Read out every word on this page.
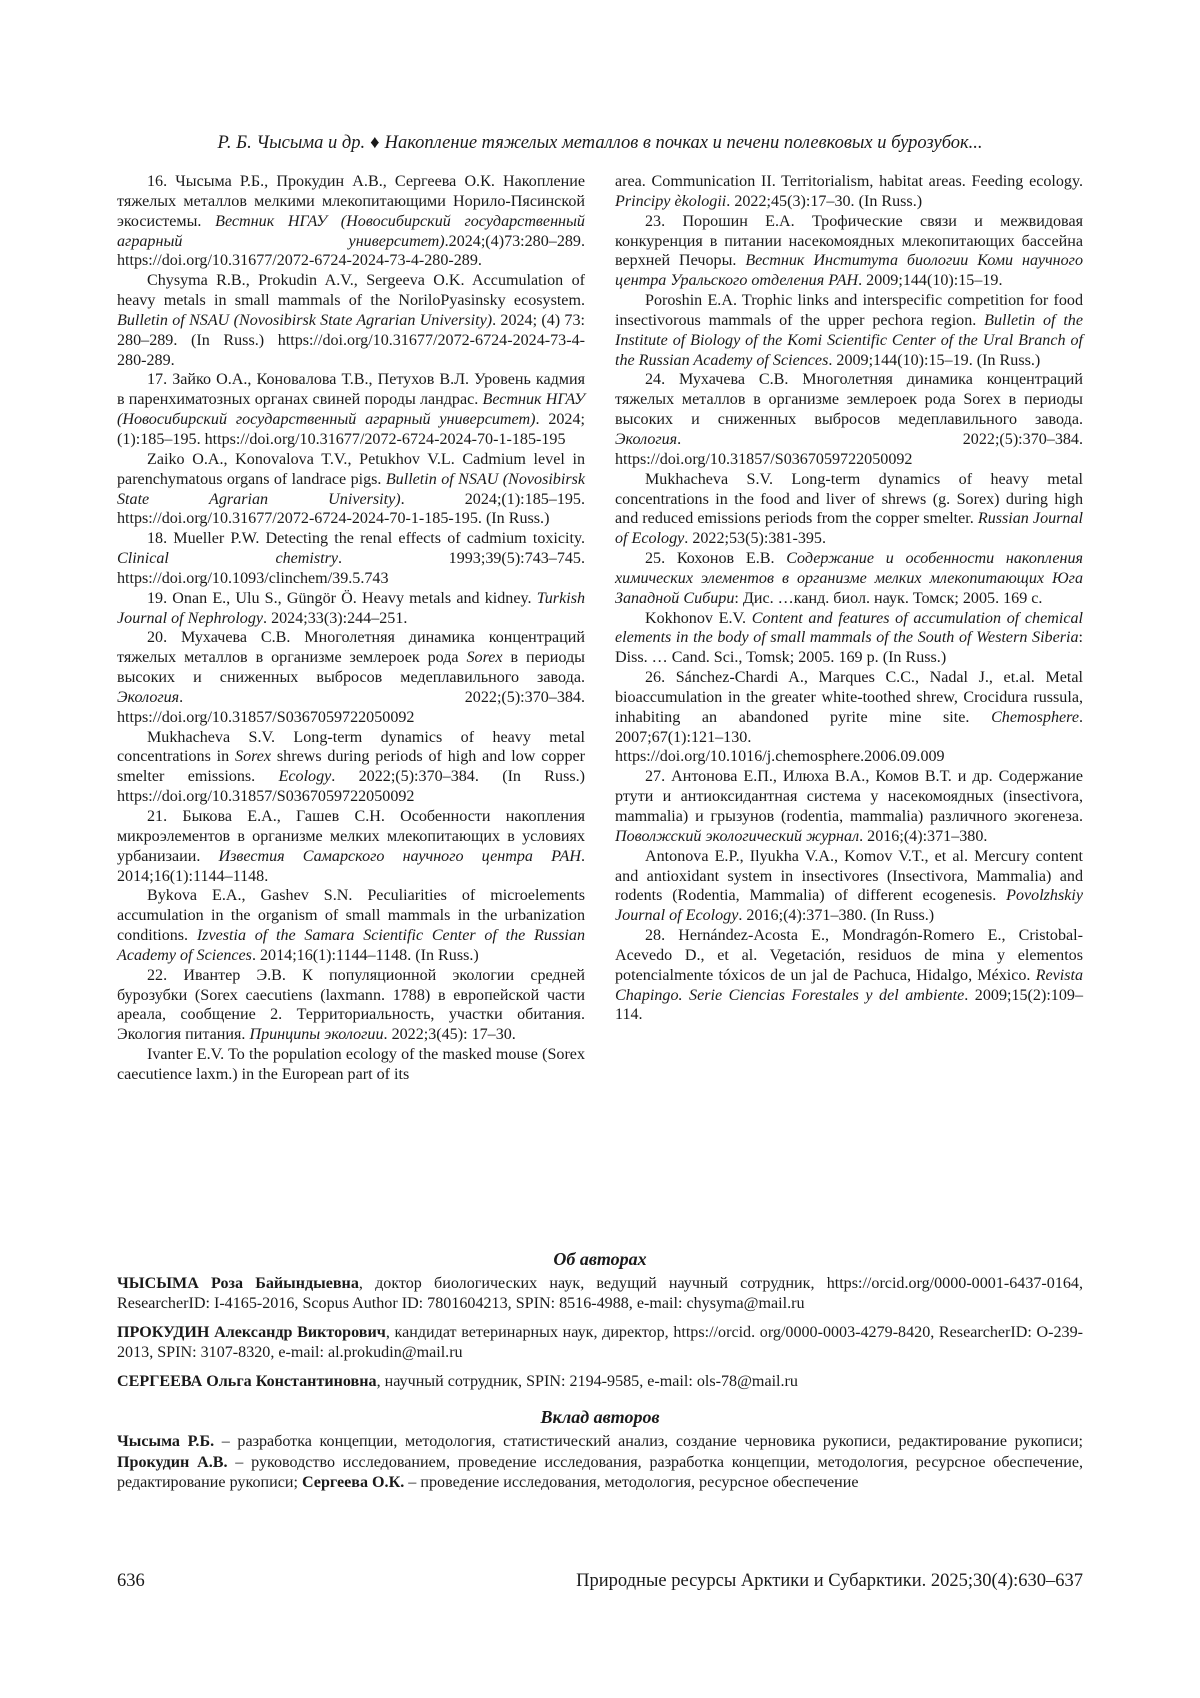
Р. Б. Чысыма и др. ♦ Накопление тяжелых металлов в почках и печени полевковых и бурозубок...

16. Чысыма Р.Б., Прокудин А.В., Сергеева О.К. Накопление тяжелых металлов мелкими млекопитающими Норило-Пясинской экосистемы. Вестник НГАУ (Новосибирский государственный аграрный университет).2024;(4)73:280–289. https://doi.org/10.31677/2072-6724-2024-73-4-280-289.

Chysyma R.B., Prokudin A.V., Sergeeva O.K. Accumulation of heavy metals in small mammals of the NoriloPyasinsky ecosystem. Bulletin of NSAU (Novosibirsk State Agrarian University). 2024; (4) 73: 280–289. (In Russ.) https://doi.org/10.31677/2072-6724-2024-73-4-280-289.

17. Зайко О.А., Коновалова Т.В., Петухов В.Л. Уровень кадмия в паренхиматозных органах свиней породы ландрас. Вестник НГАУ (Новосибирский государственный аграрный университет). 2024;(1):185–195. https://doi.org/10.31677/2072-6724-2024-70-1-185-195

Zaiko O.A., Konovalova T.V., Petukhov V.L. Cadmium level in parenchymatous organs of landrace pigs. Bulletin of NSAU (Novosibirsk State Agrarian University). 2024;(1):185–195. https://doi.org/10.31677/2072-6724-2024-70-1-185-195. (In Russ.)

18. Mueller P.W. Detecting the renal effects of cadmium toxicity. Clinical chemistry. 1993;39(5):743–745. https://doi.org/10.1093/clinchem/39.5.743

19. Onan E., Ulu S., Güngör Ö. Heavy metals and kidney. Turkish Journal of Nephrology. 2024;33(3):244–251.

20. Мухачева С.В. Многолетняя динамика концентраций тяжелых металлов в организме землероек рода Sorex в периоды высоких и сниженных выбросов медеплавильного завода. Экология. 2022;(5):370–384. https://doi.org/10.31857/S0367059722050092

Mukhacheva S.V. Long-term dynamics of heavy metal concentrations in Sorex shrews during periods of high and low copper smelter emissions. Ecology. 2022;(5):370–384. (In Russ.) https://doi.org/10.31857/S0367059722050092

21. Быкова Е.А., Гашев С.Н. Особенности накопления микроэлементов в организме мелких млекопитающих в условиях урбанизаии. Известия Самарского научного центра РАН. 2014;16(1):1144–1148.

Bykova E.A., Gashev S.N. Peculiarities of microelements accumulation in the organism of small mammals in the urbanization conditions. Izvestia of the Samara Scientific Center of the Russian Academy of Sciences. 2014;16(1):1144–1148. (In Russ.)

22. Ивантер Э.В. К популяционной экологии средней бурозубки (Sorex caecutiens (laxmann. 1788) в европейской части ареала, сообщение 2. Территориальность, участки обитания. Экология питания. Принципы экологии. 2022;3(45): 17–30.

Ivanter E.V. To the population ecology of the masked mouse (Sorex caecutience laxm.) in the European part of its

area. Communication II. Territorialism, habitat areas. Feeding ecology. Principy èkologii. 2022;45(3):17–30. (In Russ.)

23. Порошин Е.А. Трофические связи и межвидовая конкуренция в питании насекомоядных млекопитающих бассейна верхней Печоры. Вестник Института биологии Коми научного центра Уральского отделения РАН. 2009;144(10):15–19.

Poroshin E.A. Trophic links and interspecific competition for food insectivorous mammals of the upper pechora region. Bulletin of the Institute of Biology of the Komi Scientific Center of the Ural Branch of the Russian Academy of Sciences. 2009;144(10):15–19. (In Russ.)

24. Мухачева С.В. Многолетняя динамика концентраций тяжелых металлов в организме землероек рода Sorex в периоды высоких и сниженных выбросов медеплавильного завода. Экология. 2022;(5):370–384. https://doi.org/10.31857/S0367059722050092

Mukhacheva S.V. Long-term dynamics of heavy metal concentrations in the food and liver of shrews (g. Sorex) during high and reduced emissions periods from the copper smelter. Russian Journal of Ecology. 2022;53(5):381-395.

25. Кохонов Е.В. Содержание и особенности накопления химических элементов в организме мелких млекопитающих Юга Западной Сибири: Дис. …канд. биол. наук. Томск; 2005. 169 с.

Kokhonov E.V. Content and features of accumulation of chemical elements in the body of small mammals of the South of Western Siberia: Diss. … Cand. Sci., Tomsk; 2005. 169 p. (In Russ.)

26. Sánchez-Chardi A., Marques C.C., Nadal J., et.al. Metal bioaccumulation in the greater white-toothed shrew, Crocidura russula, inhabiting an abandoned pyrite mine site. Chemosphere. 2007;67(1):121–130. https://doi.org/10.1016/j.chemosphere.2006.09.009

27. Антонова Е.П., Илюха В.А., Комов В.Т. и др. Содержание ртути и антиоксидантная система у насекомоядных (insectivora, mammalia) и грызунов (rodentia, mammalia) различного экогенеза. Поволжский экологический журнал. 2016;(4):371–380.

Antonova E.P., Ilyukha V.A., Komov V.T., et al. Mercury content and antioxidant system in insectivores (Insectivora, Mammalia) and rodents (Rodentia, Mammalia) of different ecogenesis. Povolzhskiy Journal of Ecology. 2016;(4):371–380. (In Russ.)

28. Hernández-Acosta E., Mondragón-Romero E., Cristobal-Acevedo D., et al. Vegetación, residuos de mina y elementos potencialmente tóxicos de un jal de Pachuca, Hidalgo, México. Revista Chapingo. Serie Ciencias Forestales y del ambiente. 2009;15(2):109–114.

Об авторах
ЧЫСЫМА Роза Байындыевна, доктор биологических наук, ведущий научный сотрудник, https://orcid.org/0000-0001-6437-0164, ResearcherID: I-4165-2016, Scopus Author ID: 7801604213, SPIN: 8516-4988, e-mail: chysyma@mail.ru
ПРОКУДИН Александр Викторович, кандидат ветеринарных наук, директор, https://orcid. org/0000-0003-4279-8420, ResearcherID: O-239-2013, SPIN: 3107-8320, e-mail: al.prokudin@mail.ru
СЕРГЕЕВА Ольга Константиновна, научный сотрудник, SPIN: 2194-9585, e-mail: ols-78@mail.ru
Вклад авторов
Чысыма Р.Б. – разработка концепции, методология, статистический анализ, создание черновика рукописи, редактирование рукописи; Прокудин А.В. – руководство исследованием, проведение исследования, разработка концепции, методология, ресурсное обеспечение, редактирование рукописи; Сергеева О.К. – проведение исследования, методология, ресурсное обеспечение
636	Природные ресурсы Арктики и Субарктики. 2025;30(4):630–637
